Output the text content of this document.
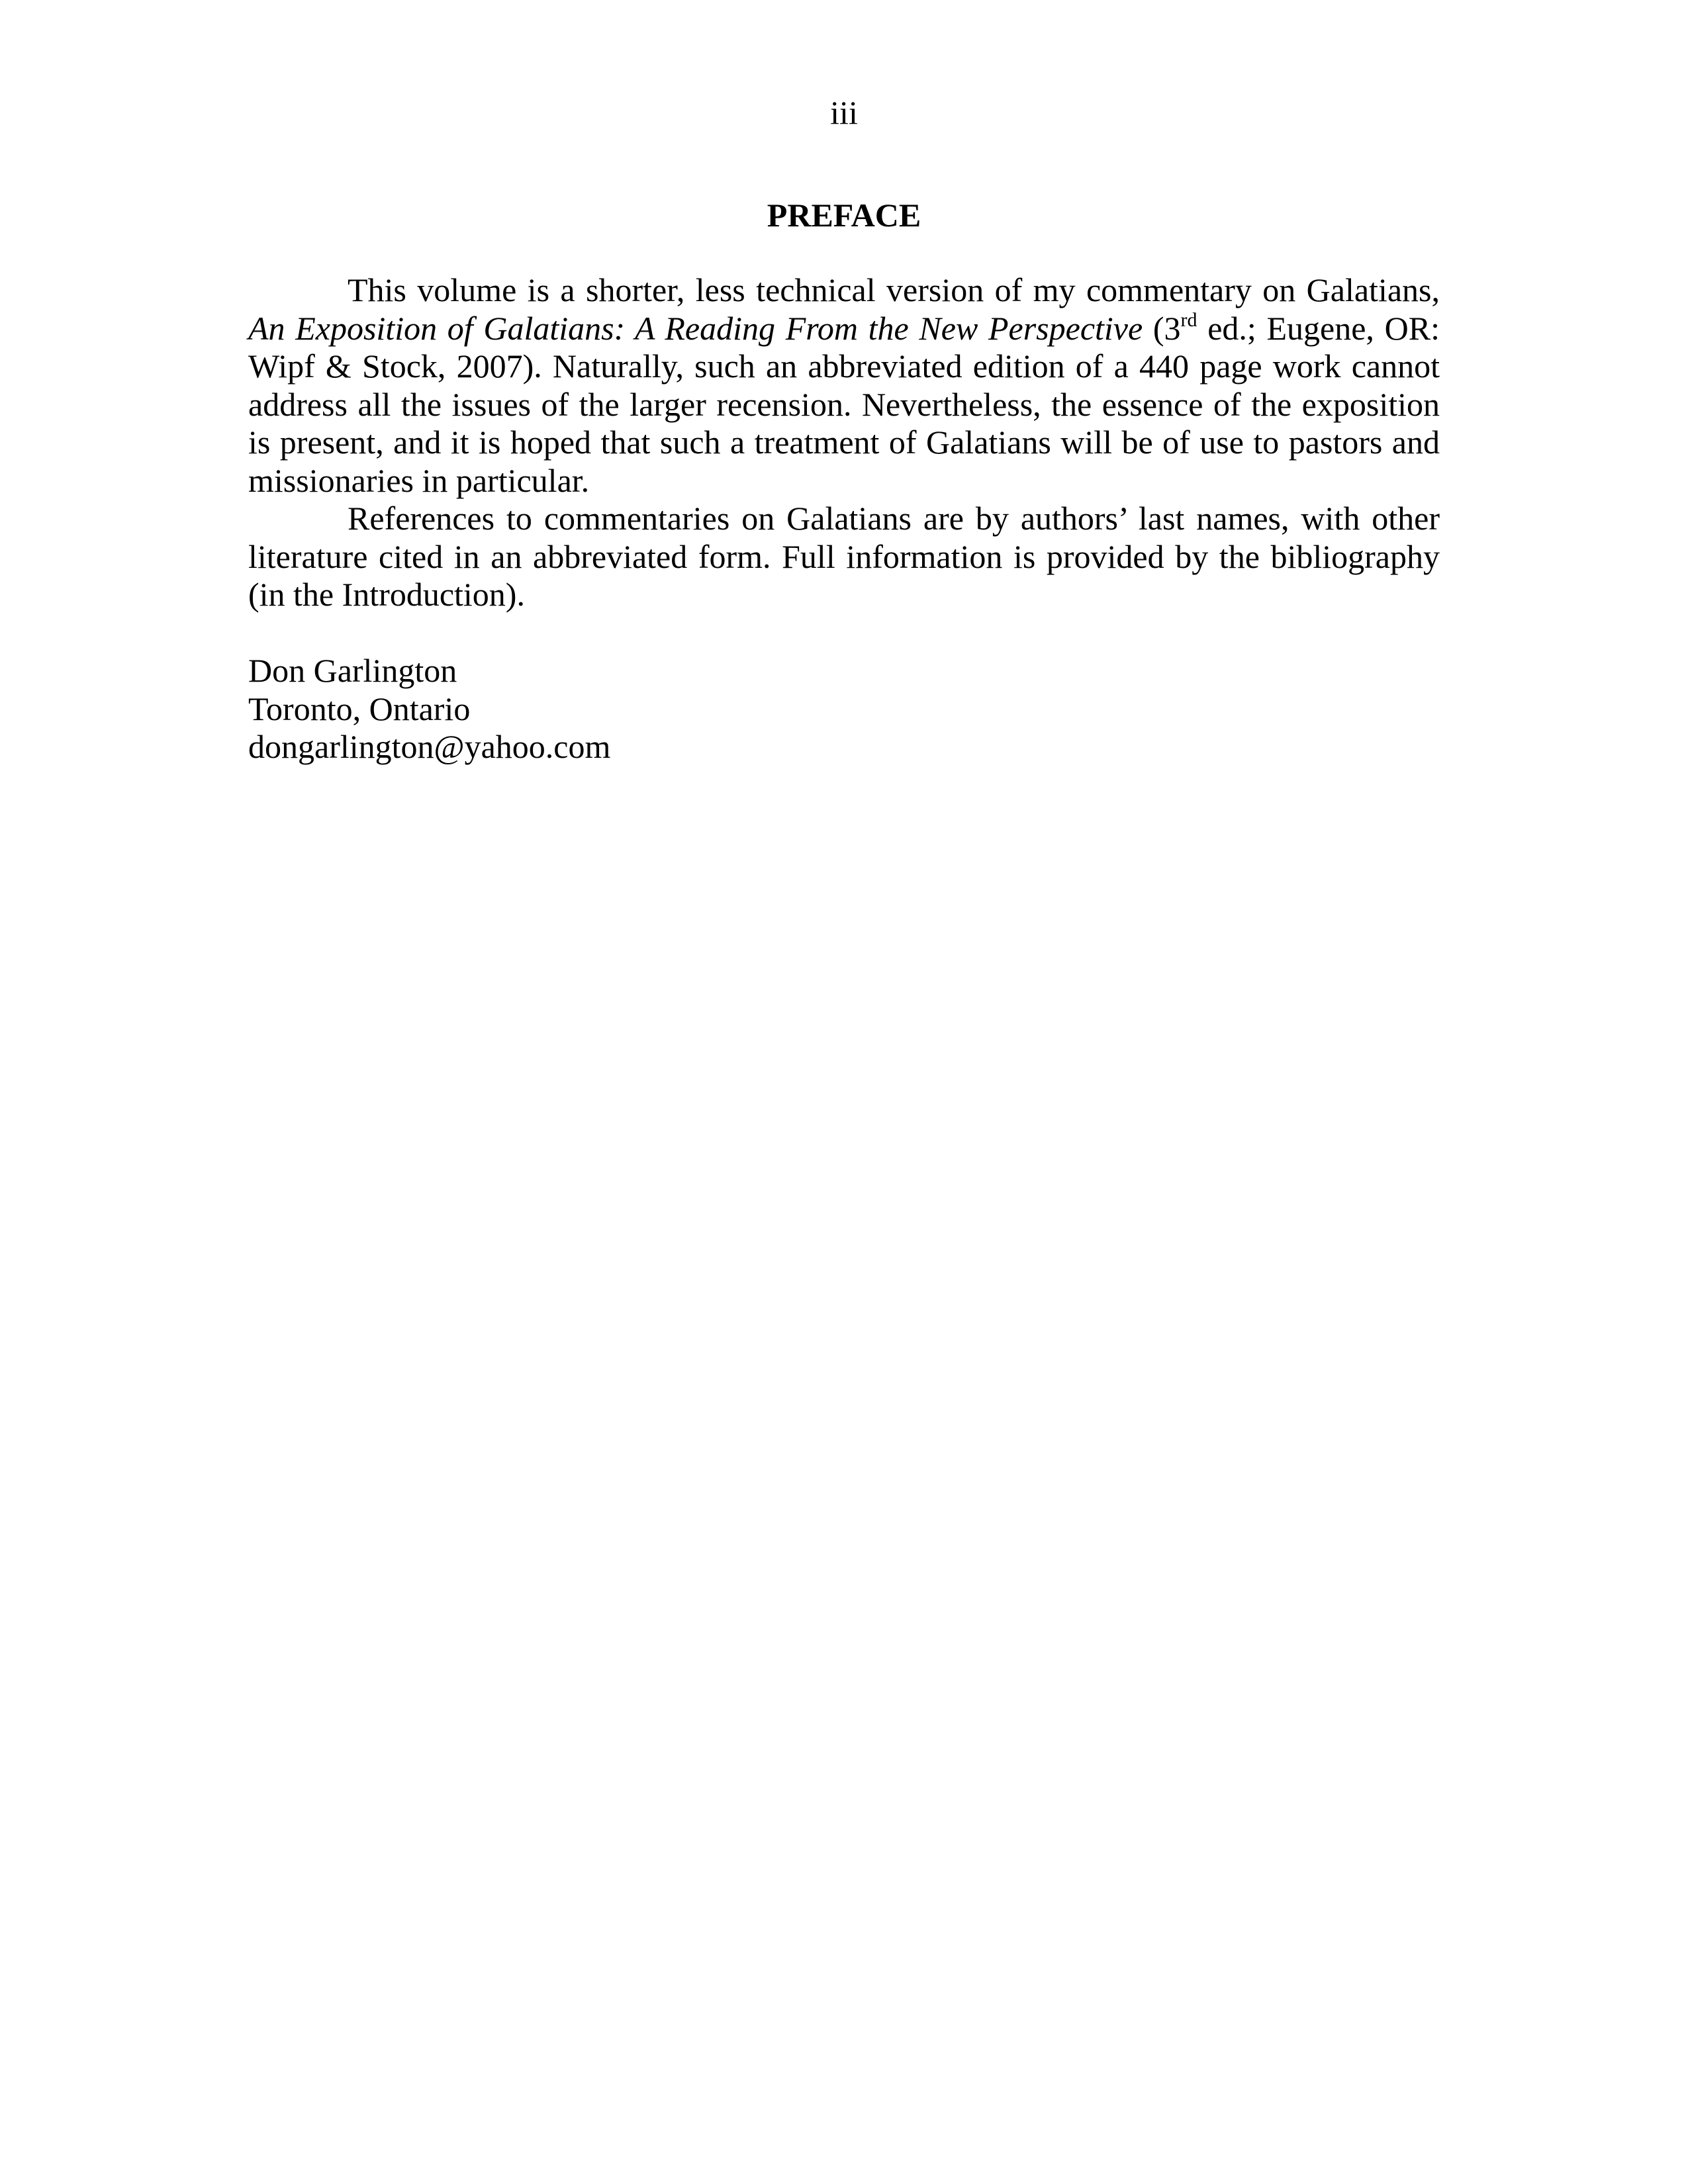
iii
PREFACE

This volume is a shorter, less technical version of my commentary on Galatians, An Exposition of Galatians: A Reading From the New Perspective (3rd ed.; Eugene, OR: Wipf & Stock, 2007). Naturally, such an abbreviated edition of a 440 page work cannot address all the issues of the larger recension. Nevertheless, the essence of the exposition is present, and it is hoped that such a treatment of Galatians will be of use to pastors and missionaries in particular.

References to commentaries on Galatians are by authors’ last names, with other literature cited in an abbreviated form. Full information is provided by the bibliography (in the Introduction).

Don Garlington
Toronto, Ontario
dongarlington@yahoo.com
